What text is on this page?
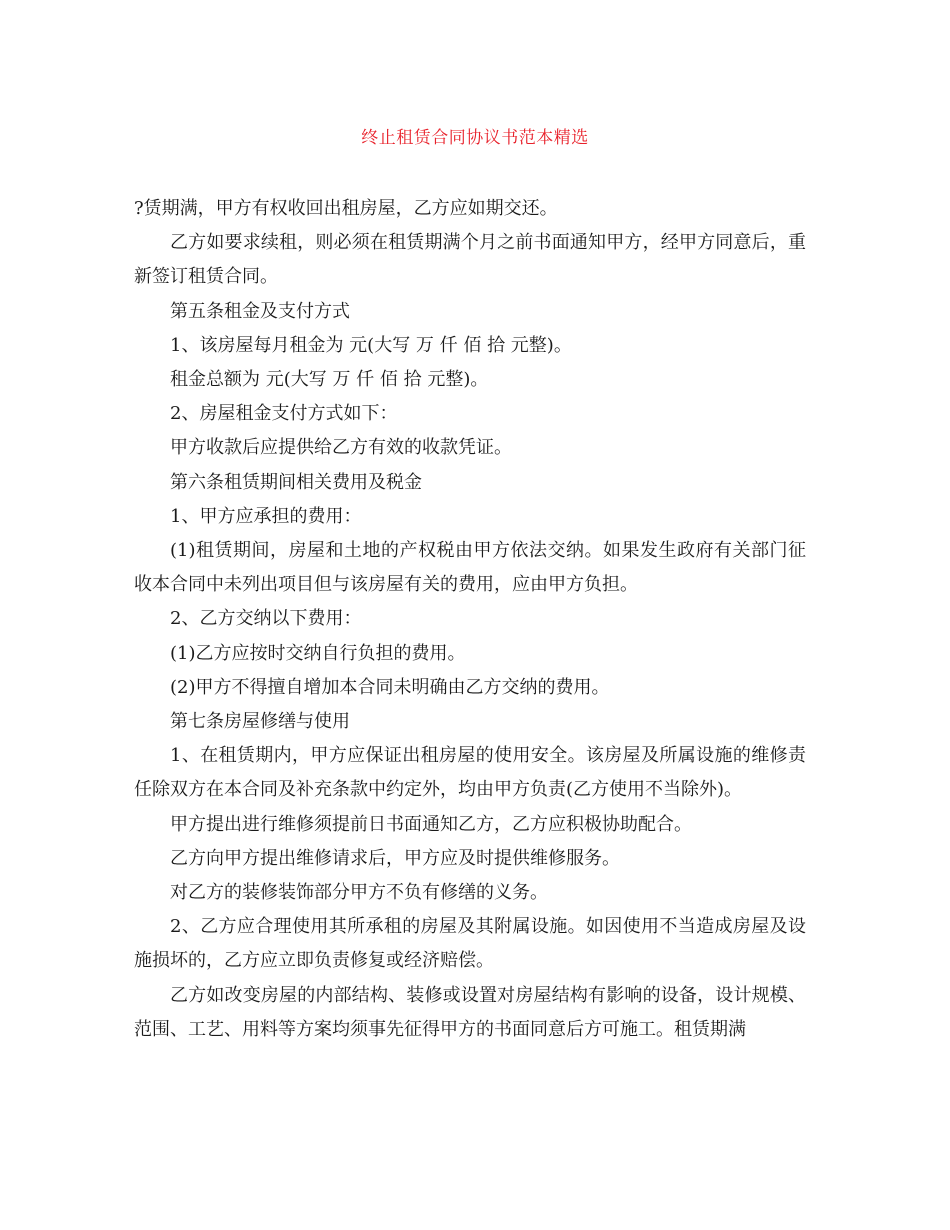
终止租赁合同协议书范本精选

?赁期满，甲方有权收回出租房屋，乙方应如期交还。

乙方如要求续租，则必须在租赁期满个月之前书面通知甲方，经甲方同意后，重新签订租赁合同。

第五条租金及支付方式

1、该房屋每月租金为 元(大写 万 仟 佰 拾 元整)。

租金总额为 元(大写 万 仟 佰 拾 元整)。

2、房屋租金支付方式如下：

甲方收款后应提供给乙方有效的收款凭证。

第六条租赁期间相关费用及税金

1、甲方应承担的费用：

(1)租赁期间，房屋和土地的产权税由甲方依法交纳。如果发生政府有关部门征收本合同中未列出项目但与该房屋有关的费用，应由甲方负担。

2、乙方交纳以下费用：

(1)乙方应按时交纳自行负担的费用。

(2)甲方不得擅自增加本合同未明确由乙方交纳的费用。

第七条房屋修缮与使用

1、在租赁期内，甲方应保证出租房屋的使用安全。该房屋及所属设施的维修责任除双方在本合同及补充条款中约定外，均由甲方负责(乙方使用不当除外)。

甲方提出进行维修须提前日书面通知乙方，乙方应积极协助配合。

乙方向甲方提出维修请求后，甲方应及时提供维修服务。

对乙方的装修装饰部分甲方不负有修缮的义务。

2、乙方应合理使用其所承租的房屋及其附属设施。如因使用不当造成房屋及设施损坏的，乙方应立即负责修复或经济赔偿。

乙方如改变房屋的内部结构、装修或设置对房屋结构有影响的设备，设计规模、范围、工艺、用料等方案均须事先征得甲方的书面同意后方可施工。租赁期满
